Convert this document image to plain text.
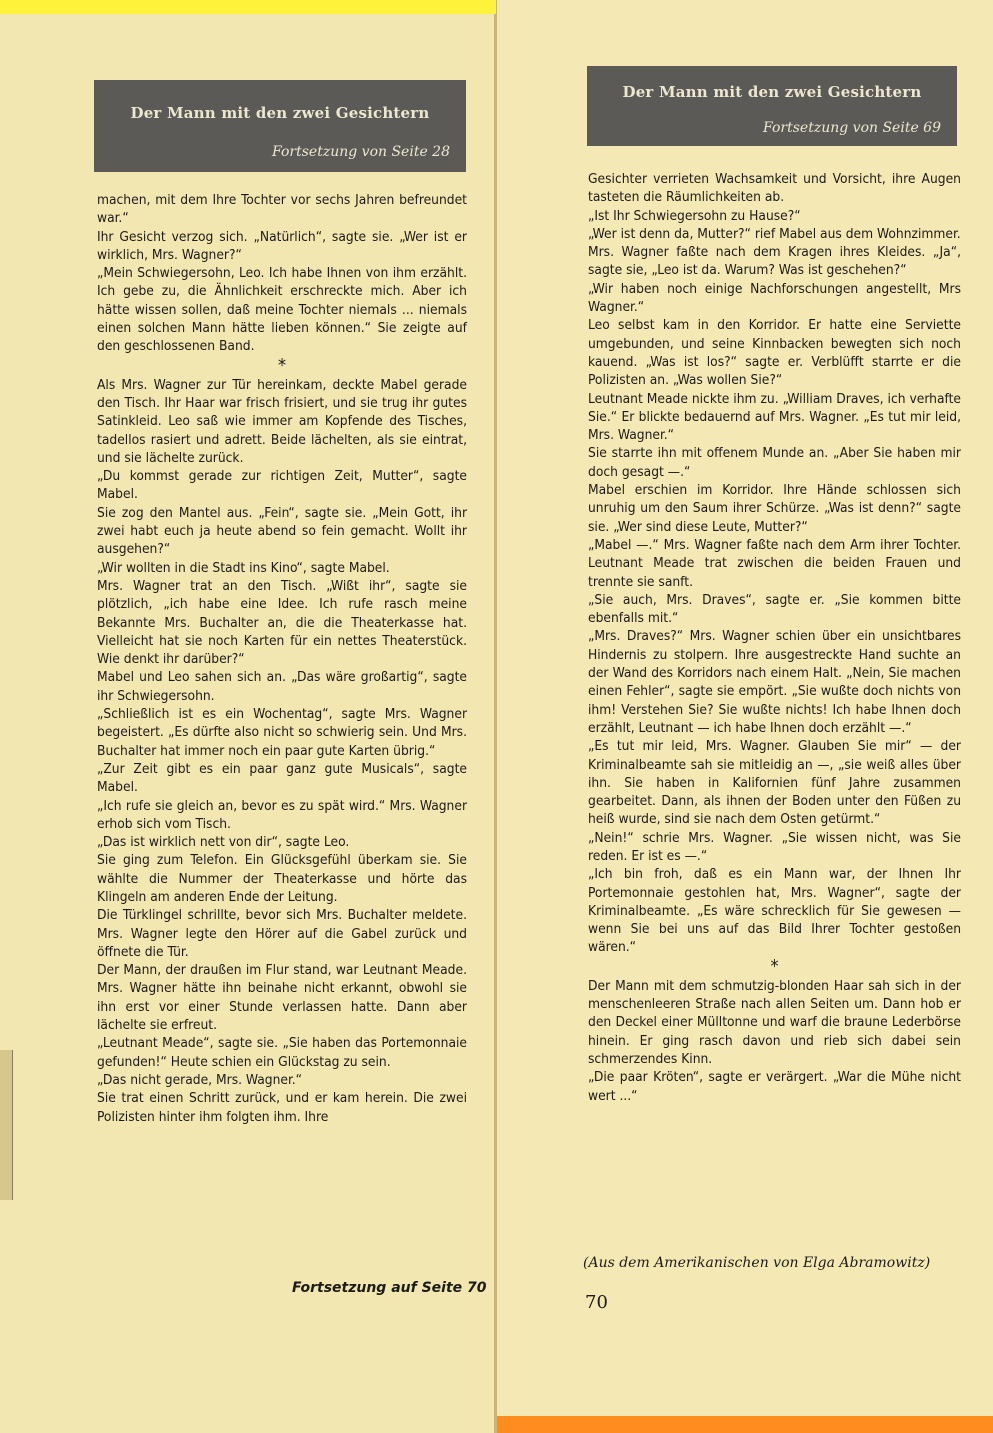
Der Mann mit den zwei Gesichtern
Fortsetzung von Seite 28

machen, mit dem Ihre Tochter vor sechs Jahren befreundet war.“

Ihr Gesicht verzog sich. „Natürlich“, sagte sie. „Wer ist er wirklich, Mrs. Wagner?“

„Mein Schwiegersohn, Leo. Ich habe Ihnen von ihm erzählt. Ich gebe zu, die Ähnlichkeit erschreckte mich. Aber ich hätte wissen sollen, daß meine Tochter niemals ... niemals einen solchen Mann hätte lieben können.“ Sie zeigte auf den geschlossenen Band.

*

Als Mrs. Wagner zur Tür hereinkam, deckte Mabel gerade den Tisch. Ihr Haar war frisch frisiert, und sie trug ihr gutes Satinkleid. Leo saß wie immer am Kopfende des Tisches, tadellos rasiert und adrett. Beide lächelten, als sie eintrat, und sie lächelte zurück.

„Du kommst gerade zur richtigen Zeit, Mutter“, sagte Mabel.

Sie zog den Mantel aus. „Fein“, sagte sie. „Mein Gott, ihr zwei habt euch ja heute abend so fein gemacht. Wollt ihr ausgehen?“

„Wir wollten in die Stadt ins Kino“, sagte Mabel.

Mrs. Wagner trat an den Tisch. „Wißt ihr“, sagte sie plötzlich, „ich habe eine Idee. Ich rufe rasch meine Bekannte Mrs. Buchalter an, die die Theaterkasse hat. Vielleicht hat sie noch Karten für ein nettes Theaterstück. Wie denkt ihr darüber?“

Mabel und Leo sahen sich an. „Das wäre großartig“, sagte ihr Schwiegersohn.

„Schließlich ist es ein Wochentag“, sagte Mrs. Wagner begeistert. „Es dürfte also nicht so schwierig sein. Und Mrs. Buchalter hat immer noch ein paar gute Karten übrig.“

„Zur Zeit gibt es ein paar ganz gute Musicals“, sagte Mabel.

„Ich rufe sie gleich an, bevor es zu spät wird.“ Mrs. Wagner erhob sich vom Tisch.

„Das ist wirklich nett von dir“, sagte Leo.

Sie ging zum Telefon. Ein Glücksgefühl überkam sie. Sie wählte die Nummer der Theaterkasse und hörte das Klingeln am anderen Ende der Leitung.

Die Türklingel schrillte, bevor sich Mrs. Buchalter meldete. Mrs. Wagner legte den Hörer auf die Gabel zurück und öffnete die Tür.

Der Mann, der draußen im Flur stand, war Leutnant Meade. Mrs. Wagner hätte ihn beinahe nicht erkannt, obwohl sie ihn erst vor einer Stunde verlassen hatte. Dann aber lächelte sie erfreut.

„Leutnant Meade“, sagte sie. „Sie haben das Portemonnaie gefunden!“ Heute schien ein Glückstag zu sein.

„Das nicht gerade, Mrs. Wagner.“

Sie trat einen Schritt zurück, und er kam herein. Die zwei Polizisten hinter ihm folgten ihm. Ihre

Fortsetzung auf Seite 70
Der Mann mit den zwei Gesichtern
Fortsetzung von Seite 69

Gesichter verrieten Wachsamkeit und Vorsicht, ihre Augen tasteten die Räumlichkeiten ab.

„Ist Ihr Schwiegersohn zu Hause?“

„Wer ist denn da, Mutter?“ rief Mabel aus dem Wohnzimmer.

Mrs. Wagner faßte nach dem Kragen ihres Kleides. „Ja“, sagte sie, „Leo ist da. Warum? Was ist geschehen?“

„Wir haben noch einige Nachforschungen angestellt, Mrs Wagner.“

Leo selbst kam in den Korridor. Er hatte eine Serviette umgebunden, und seine Kinnbacken bewegten sich noch kauend. „Was ist los?“ sagte er. Verblüfft starrte er die Polizisten an. „Was wollen Sie?“

Leutnant Meade nickte ihm zu. „William Draves, ich verhafte Sie.“ Er blickte bedauernd auf Mrs. Wagner. „Es tut mir leid, Mrs. Wagner.“

Sie starrte ihn mit offenem Munde an. „Aber Sie haben mir doch gesagt —.“

Mabel erschien im Korridor. Ihre Hände schlossen sich unruhig um den Saum ihrer Schürze. „Was ist denn?“ sagte sie. „Wer sind diese Leute, Mutter?“

„Mabel —.“ Mrs. Wagner faßte nach dem Arm ihrer Tochter. Leutnant Meade trat zwischen die beiden Frauen und trennte sie sanft.

„Sie auch, Mrs. Draves“, sagte er. „Sie kommen bitte ebenfalls mit.“

„Mrs. Draves?“ Mrs. Wagner schien über ein unsichtbares Hindernis zu stolpern. Ihre ausgestreckte Hand suchte an der Wand des Korridors nach einem Halt. „Nein, Sie machen einen Fehler“, sagte sie empört. „Sie wußte doch nichts von ihm! Verstehen Sie? Sie wußte nichts! Ich habe Ihnen doch erzählt, Leutnant — ich habe Ihnen doch erzählt —.“

„Es tut mir leid, Mrs. Wagner. Glauben Sie mir“ — der Kriminalbeamte sah sie mitleidig an —, „sie weiß alles über ihn. Sie haben in Kalifornien fünf Jahre zusammen gearbeitet. Dann, als ihnen der Boden unter den Füßen zu heiß wurde, sind sie nach dem Osten getürmt.“

„Nein!“ schrie Mrs. Wagner. „Sie wissen nicht, was Sie reden. Er ist es —.“

„Ich bin froh, daß es ein Mann war, der Ihnen Ihr Portemonnaie gestohlen hat, Mrs. Wagner“, sagte der Kriminalbeamte. „Es wäre schrecklich für Sie gewesen — wenn Sie bei uns auf das Bild Ihrer Tochter gestoßen wären.“

*

Der Mann mit dem schmutzig-blonden Haar sah sich in der menschenleeren Straße nach allen Seiten um. Dann hob er den Deckel einer Mülltonne und warf die braune Lederbörse hinein. Er ging rasch davon und rieb sich dabei sein schmerzendes Kinn.

„Die paar Kröten“, sagte er verärgert. „War die Mühe nicht wert ...“

(Aus dem Amerikanischen von Elga Abramowitz)
70
